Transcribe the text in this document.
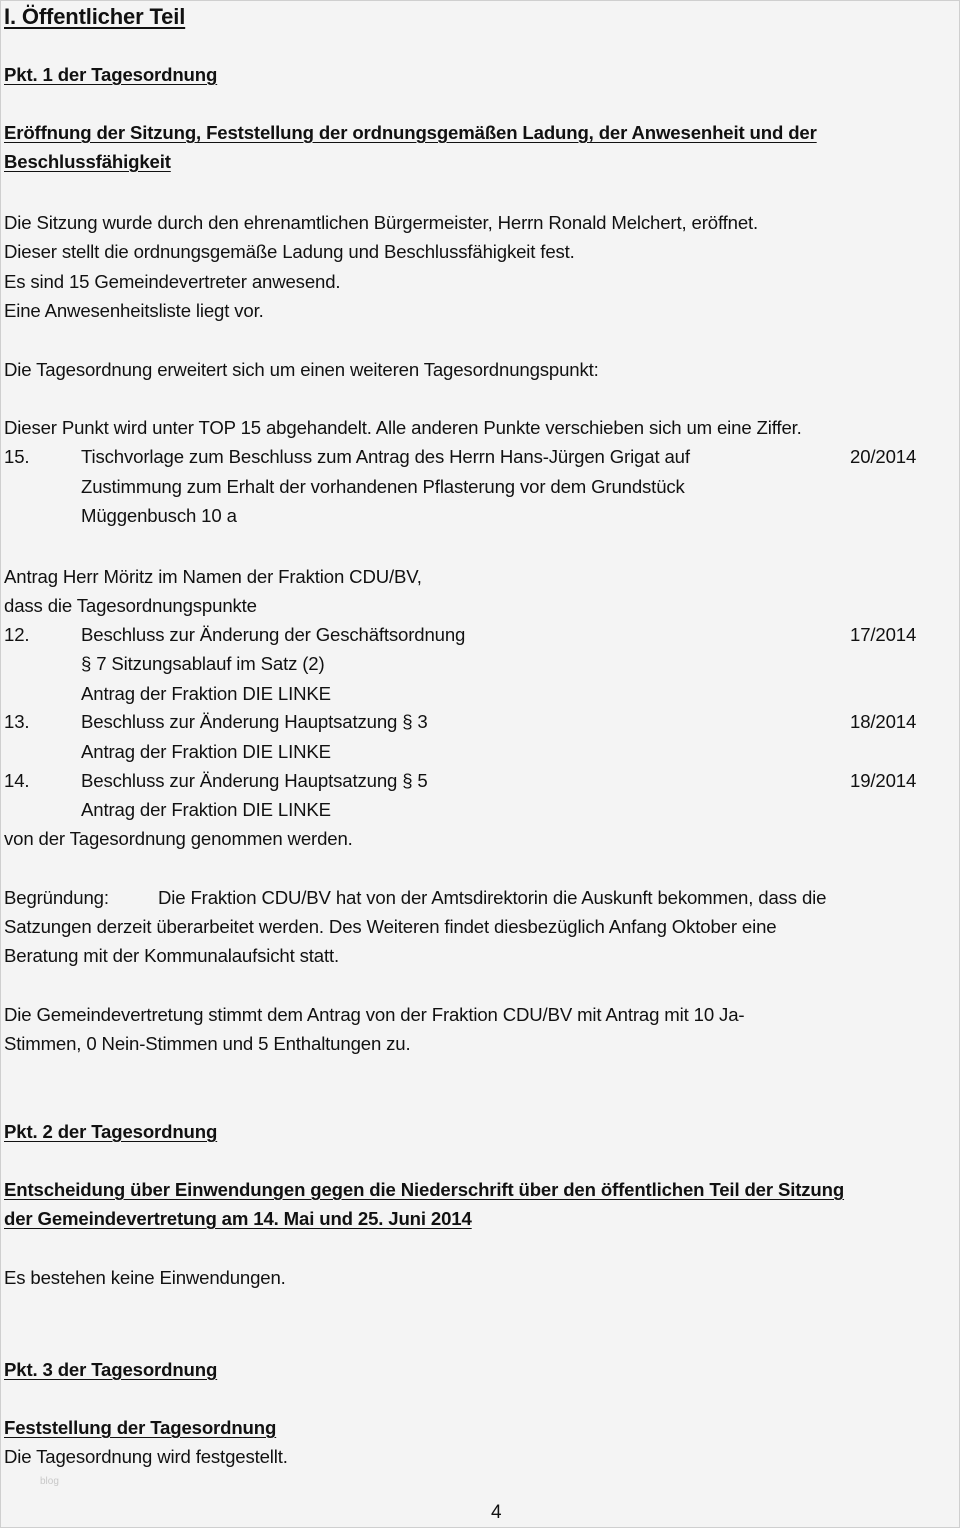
I. Öffentlicher Teil
Pkt. 1 der Tagesordnung
Eröffnung der Sitzung, Feststellung der ordnungsgemäßen Ladung, der Anwesenheit und der
Beschlussfähigkeit
Die Sitzung wurde durch den ehrenamtlichen Bürgermeister, Herrn Ronald Melchert, eröffnet.
Dieser stellt die ordnungsgemäße Ladung und Beschlussfähigkeit fest.
Es sind 15 Gemeindevertreter anwesend.
Eine Anwesenheitsliste liegt vor.
Die Tagesordnung erweitert sich um einen weiteren Tagesordnungspunkt:
Dieser Punkt wird unter TOP 15 abgehandelt. Alle anderen Punkte verschieben sich um eine Ziffer.
15.	Tischvorlage zum Beschluss zum Antrag des Herrn Hans-Jürgen Grigat auf	20/2014
Zustimmung zum Erhalt der vorhandenen Pflasterung vor dem Grundstück
Müggenbusch 10 a
Antrag Herr Möritz im Namen der Fraktion CDU/BV,
dass die Tagesordnungspunkte
12.	Beschluss zur Änderung der Geschäftsordnung	17/2014
§ 7 Sitzungsablauf im Satz (2)
Antrag der Fraktion DIE LINKE
13.	Beschluss zur Änderung Hauptsatzung § 3	18/2014
Antrag der Fraktion DIE LINKE
14.	Beschluss zur Änderung Hauptsatzung § 5	19/2014
Antrag der Fraktion DIE LINKE
von der Tagesordnung genommen werden.
Begründung:	Die Fraktion CDU/BV hat von der Amtsdirektorin die Auskunft bekommen, dass die
Satzungen derzeit überarbeitet werden. Des Weiteren findet diesbezüglich Anfang Oktober eine
Beratung mit der Kommunalaufsicht statt.
Die Gemeindevertretung stimmt dem Antrag von der Fraktion CDU/BV mit Antrag mit 10 Ja-
Stimmen, 0 Nein-Stimmen und 5 Enthaltungen zu.
Pkt. 2 der Tagesordnung
Entscheidung über Einwendungen gegen die Niederschrift über den öffentlichen Teil der Sitzung
der Gemeindevertretung am 14. Mai und 25. Juni 2014
Es bestehen keine Einwendungen.
Pkt. 3 der Tagesordnung
Feststellung der Tagesordnung
Die Tagesordnung wird festgestellt.
blog
4
